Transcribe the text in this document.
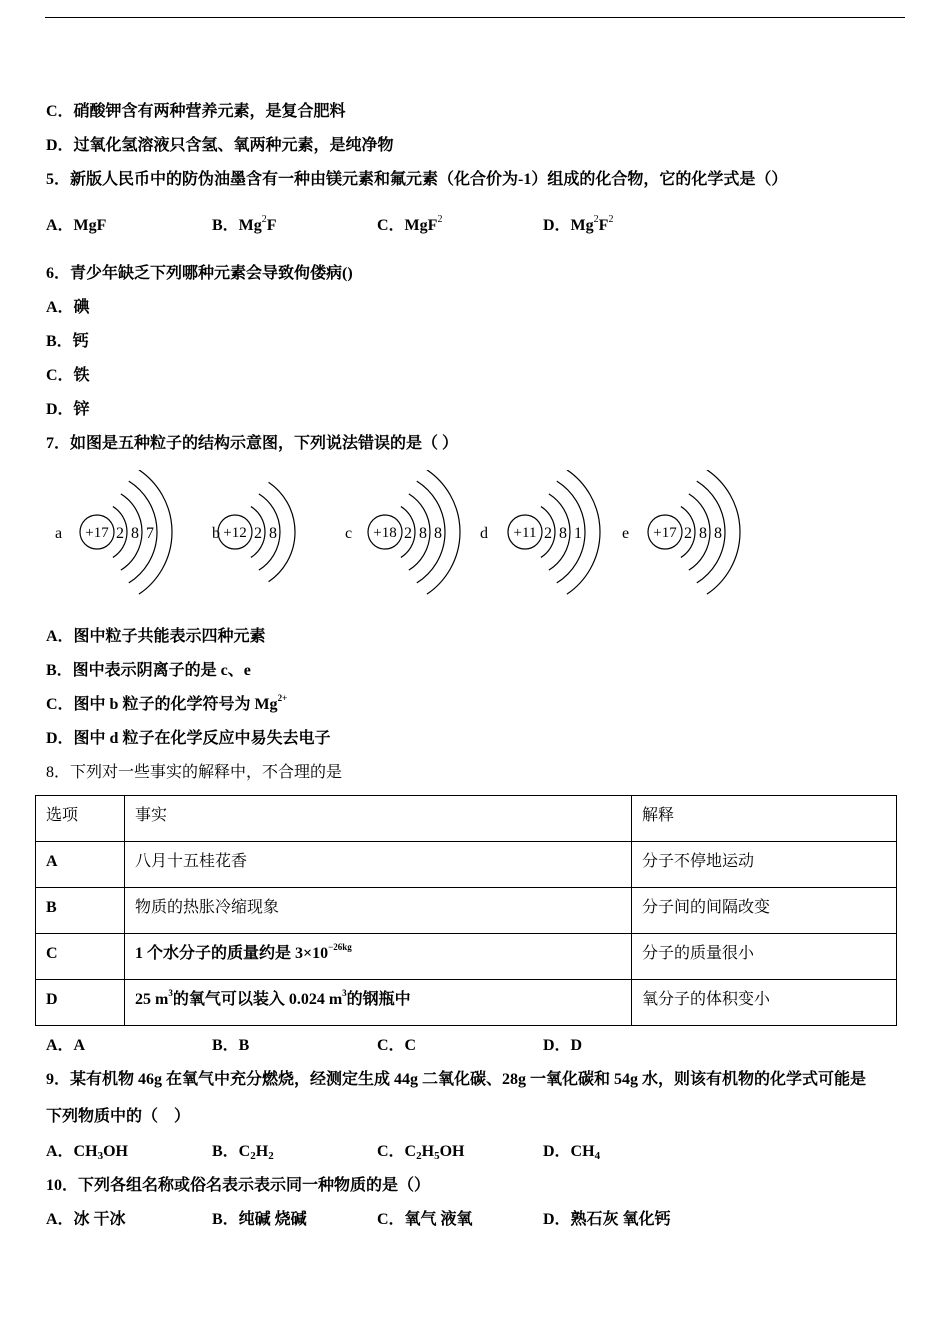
C．硝酸钾含有两种营养元素，是复合肥料
D．过氧化氢溶液只含氢、氧两种元素，是纯净物
5．新版人民币中的防伪油墨含有一种由镁元素和氟元素（化合价为-1）组成的化合物，它的化学式是（）
A．MgF	B．Mg$^2$F	C．MgF$^2$	D．$Mg^2F^2$
6．青少年缺乏下列哪种元素会导致佝偻病()
A．碘
B．钙
C．铁
D．锌
7．如图是五种粒子的结构示意图，下列说法错误的是（ ）
a +17 2 8 7	b +12 2 8	c +18 2 8 8 d +11 2 8 1	e +17 2 8 8
A．图中粒子共能表示四种元素
B．图中表示阴离子的是 c、e
C．图中 b 粒子的化学符号为 $Mg^{2+}$
D．图中 d 粒子在化学反应中易失去电子
8．下列对一些事实的解释中，不合理的是
选项	事实	解释
A	八月十五桂花香	分子不停地运动
B	物质的热胀冷缩现象	分子间的间隔改变
C	1 个水分子的质量约是 $3\times 10^{-26kg}$	分子的质量很小
D	25 $m^3$的氧气可以装入 0.024 $m^3$的钢瓶中	氧分子的体积变小
A．A	B．B	C．C	D．D
9．某有机物 46g 在氧气中充分燃烧，经测定生成 44g 二氧化碳、28g 一氧化碳和 54g 水，则该有机物的化学式可能是
下列物质中的（　）
A．$CH_3OH$	B．$C_2H_2$	C．$C_2H_5OH$	D．$CH_4$
10．下列各组名称或俗名表示表示同一种物质的是（）
A．冰 干冰	B．纯碱 烧碱	C．氧气 液氧	D．熟石灰 氧化钙
